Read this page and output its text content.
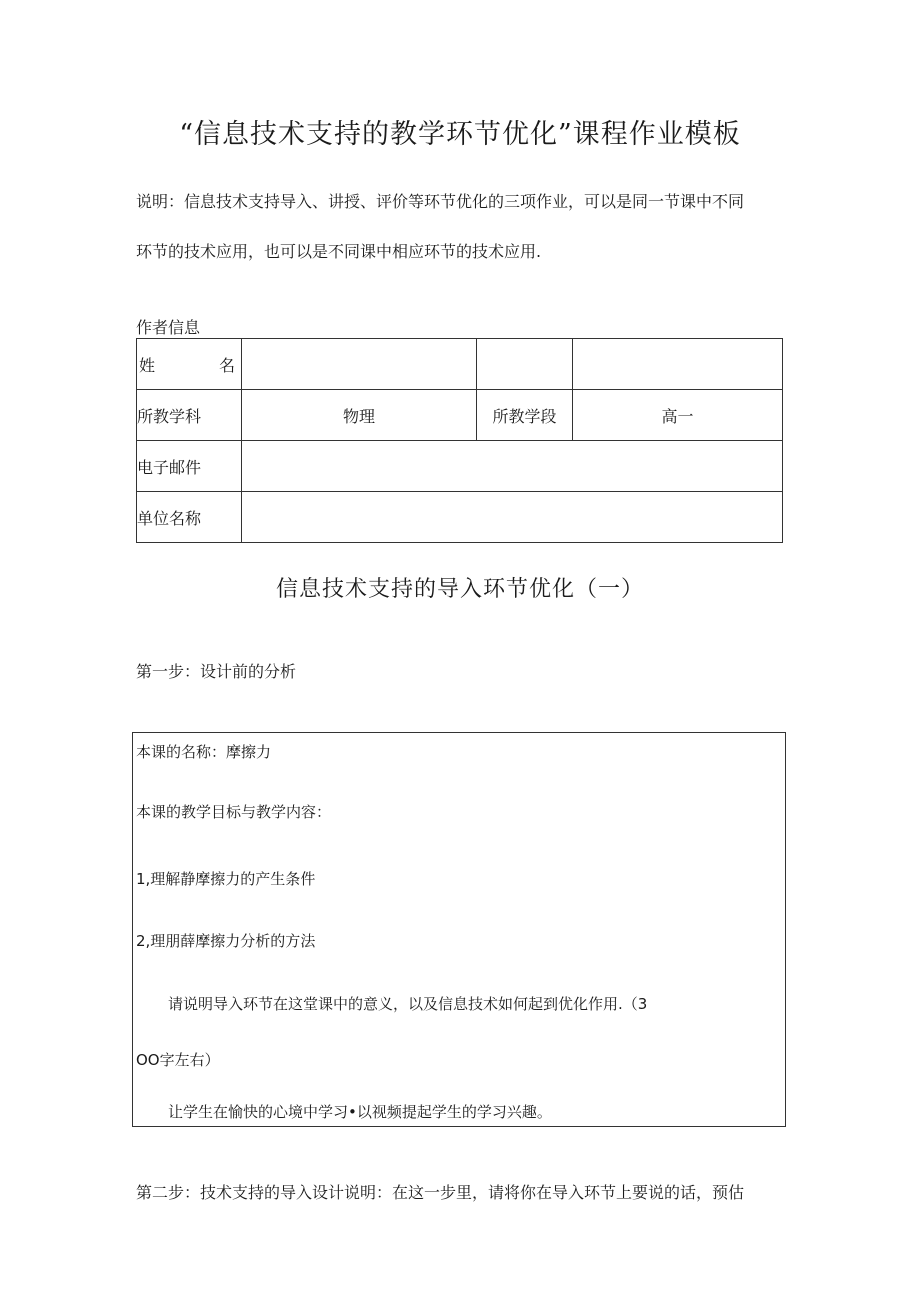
“信息技术支持的教学环节优化”课程作业模板
说明：信息技术支持导入、讲授、评价等环节优化的三项作业，可以是同一节课中不同
环节的技术应用，也可以是不同课中相应环节的技术应用.
作者信息
姓 名			

所教学科	物理	所教学段	高一
电子邮件			
单位名称			
信息技术支持的导入环节优化（一）
第一步：设计前的分析
本课的名称：摩擦力
本课的教学目标与教学内容：
1,理解静摩擦力的产生条件
2,理朋薛摩擦力分析的方法
请说明导入环节在这堂课中的意义，以及信息技术如何起到优化作用.（3
OO字左右）
让学生在愉快的心境中学习•以视频提起学生的学习兴趣。
第二步：技术支持的导入设计说明：在这一步里，请将你在导入环节上要说的话，预估
